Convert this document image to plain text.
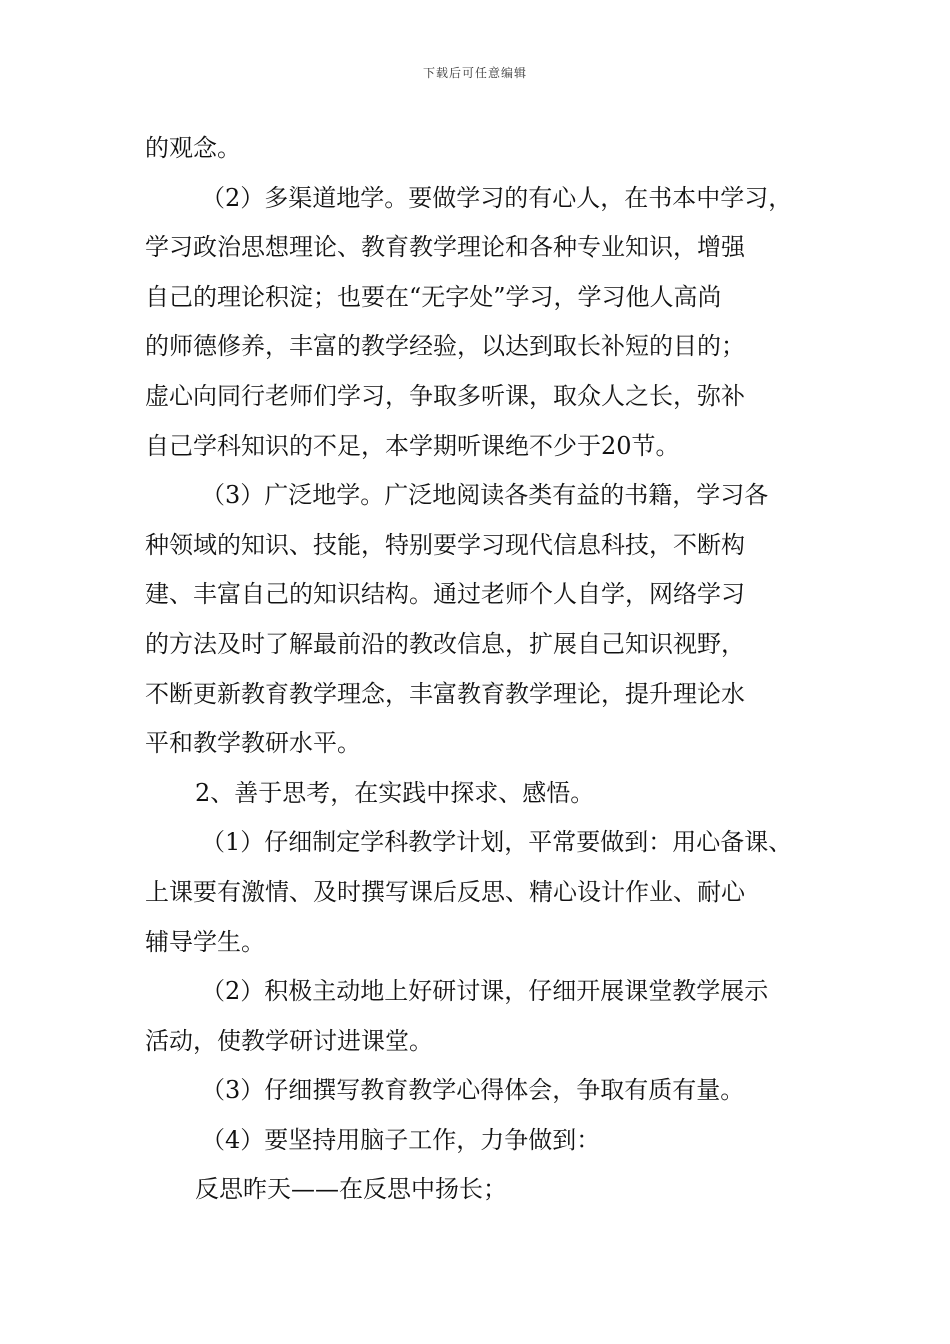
下载后可任意编辑
的观念。
（2）多渠道地学。要做学习的有心人，在书本中学习，
学习政治思想理论、教育教学理论和各种专业知识，增强
自己的理论积淀；也要在“无字处”学习，学习他人高尚
的师德修养，丰富的教学经验，以达到取长补短的目的；
虚心向同行老师们学习，争取多听课，取众人之长，弥补
自己学科知识的不足，本学期听课绝不少于20节。
（3）广泛地学。广泛地阅读各类有益的书籍，学习各
种领域的知识、技能，特别要学习现代信息科技，不断构
建、丰富自己的知识结构。通过老师个人自学，网络学习
的方法及时了解最前沿的教改信息，扩展自己知识视野，
不断更新教育教学理念，丰富教育教学理论，提升理论水
平和教学教研水平。
2、善于思考，在实践中探求、感悟。
（1）仔细制定学科教学计划，平常要做到：用心备课、
上课要有激情、及时撰写课后反思、精心设计作业、耐心
辅导学生。
（2）积极主动地上好研讨课，仔细开展课堂教学展示
活动，使教学研讨进课堂。
（3）仔细撰写教育教学心得体会，争取有质有量。
（4）要坚持用脑子工作，力争做到：
反思昨天——在反思中扬长；
